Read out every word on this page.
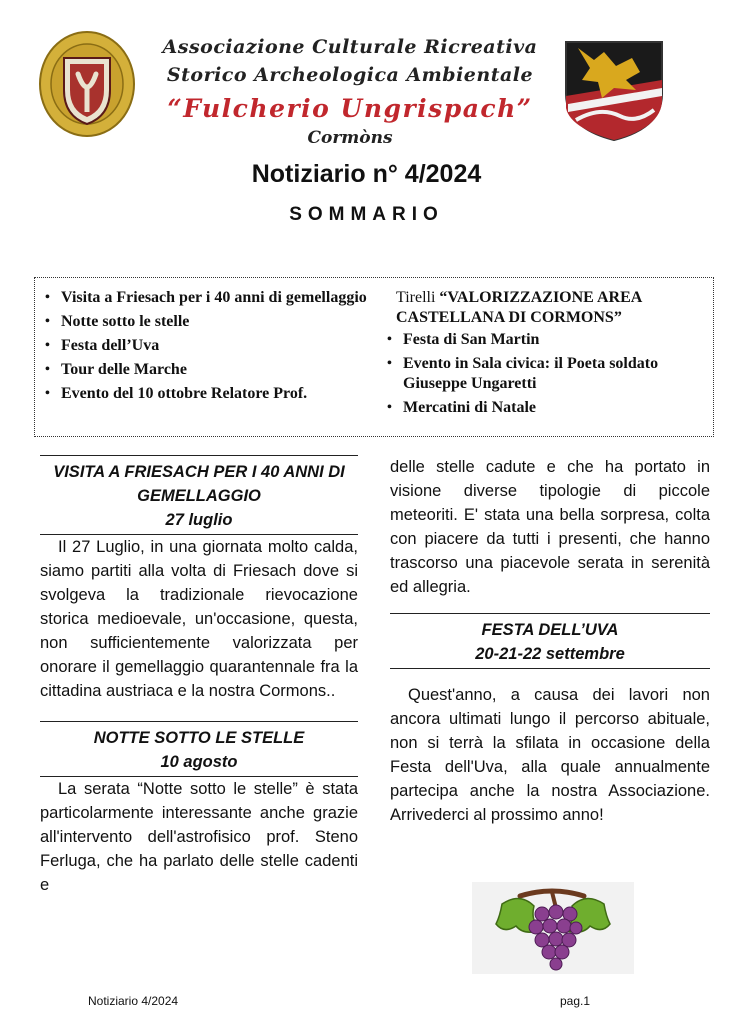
Associazione Culturale Ricreativa
Storico Archeologica Ambientale
“Fulcherio Ungrispach”
Cormòns
Notiziario n° 4/2024
SOMMARIO
• Visita a Friesach per i 40 anni di gemellaggio
• Notte sotto le stelle
• Festa dell’Uva
• Tour delle Marche
• Evento del 10 ottobre Relatore Prof.
Tirelli “VALORIZZAZIONE AREA CASTELLANA DI CORMONS”
• Festa di San Martin
• Evento in Sala civica: il Poeta soldato Giuseppe Ungaretti
• Mercatini di Natale
VISITA A FRIESACH PER I 40 ANNI DI GEMELLAGGIO
27 luglio

Il 27 Luglio, in una giornata molto calda, siamo partiti alla volta di Friesach dove si svolgeva la tradizionale rievocazione storica medioevale, un'occasione, questa, non sufficientemente valorizzata per onorare il gemellaggio quarantennale fra la cittadina austriaca e la nostra Cormons..

NOTTE SOTTO LE STELLE
10 agosto

La serata “Notte sotto le stelle” è stata particolarmente interessante anche grazie all'intervento dell'astrofisico prof. Steno Ferluga, che ha parlato delle stelle cadenti e

delle stelle cadute e che ha portato in visione diverse tipologie di piccole meteoriti. E' stata una bella sorpresa, colta con piacere da tutti i presenti, che hanno trascorso una piacevole serata in serenità ed allegria.

FESTA DELL’UVA
20-21-22 settembre

Quest'anno, a causa dei lavori non ancora ultimati lungo il percorso abituale, non si terrà la sfilata in occasione della Festa dell'Uva, alla quale annualmente partecipa anche la nostra Associazione. Arrivederci al prossimo anno!

Notiziario 4/2024	pag.1
